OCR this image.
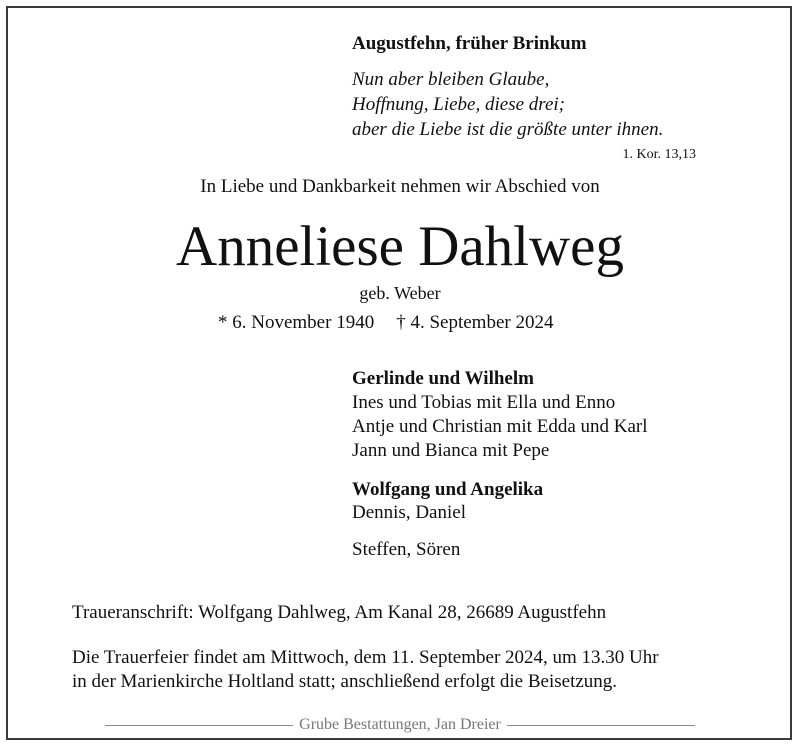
Augustfehn, früher Brinkum
Nun aber bleiben Glaube,
Hoffnung, Liebe, diese drei;
aber die Liebe ist die größte unter ihnen.
1. Kor. 13,13
In Liebe und Dankbarkeit nehmen wir Abschied von
Anneliese Dahlweg
geb. Weber
* 6. November 1940 † 4. September 2024
Gerlinde und Wilhelm
Ines und Tobias mit Ella und Enno
Antje und Christian mit Edda und Karl
Jann und Bianca mit Pepe
Wolfgang und Angelika
Dennis, Daniel
Steffen, Sören
Traueranschrift: Wolfgang Dahlweg, Am Kanal 28, 26689 Augustfehn
Die Trauerfeier findet am Mittwoch, dem 11. September 2024, um 13.30 Uhr
in der Marienkirche Holtland statt; anschließend erfolgt die Beisetzung.
Grube Bestattungen, Jan Dreier
